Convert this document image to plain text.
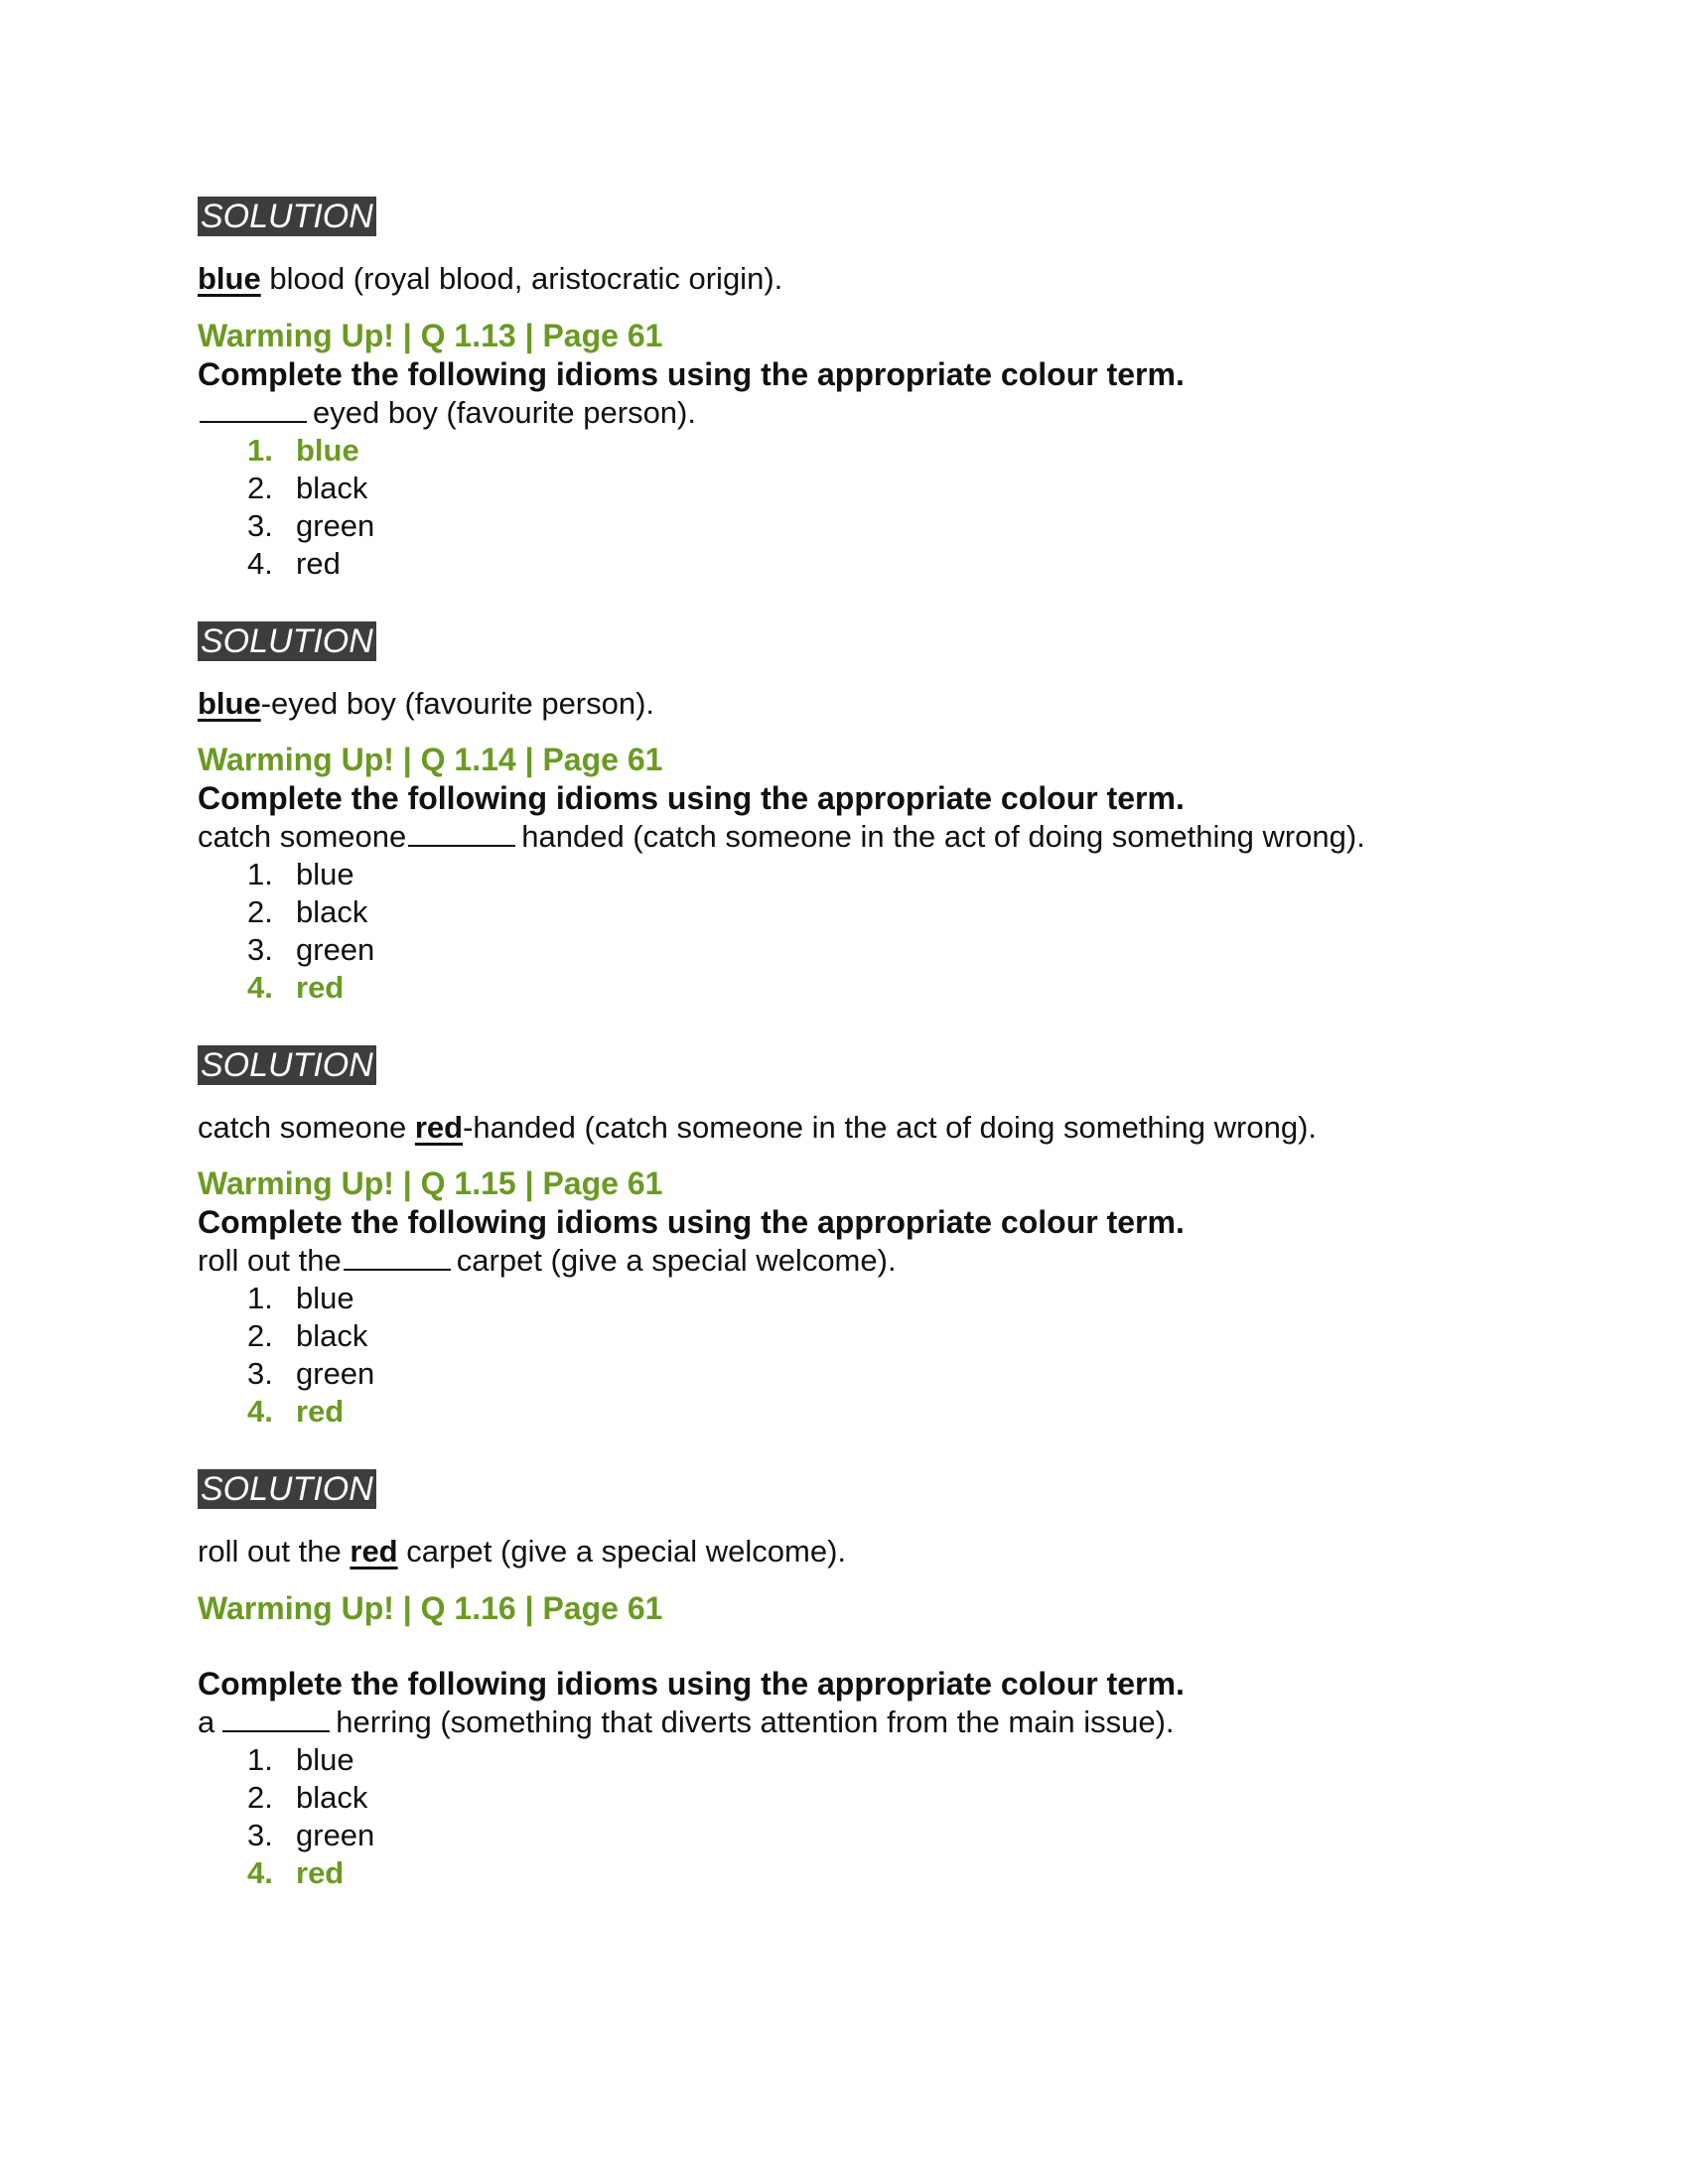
SOLUTION
blue blood (royal blood, aristocratic origin).
Warming Up! | Q 1.13 | Page 61
Complete the following idioms using the appropriate colour term.
eyed boy (favourite person).
1. blue
2. black
3. green
4. red
SOLUTION
blue-eyed boy (favourite person).
Warming Up! | Q 1.14 | Page 61
Complete the following idioms using the appropriate colour term.
catch someone	handed (catch someone in the act of doing something wrong).
1. blue
2. black
3. green
4. red
SOLUTION
catch someone red-handed (catch someone in the act of doing something wrong).
Warming Up! | Q 1.15 | Page 61
Complete the following idioms using the appropriate colour term.
roll out the	carpet (give a special welcome).
1. blue
2. black
3. green
4. red
SOLUTION
roll out the red carpet (give a special welcome).
Warming Up! | Q 1.16 | Page 61
Complete the following idioms using the appropriate colour term.
a	herring (something that diverts attention from the main issue).
1. blue
2. black
3. green
4. red
